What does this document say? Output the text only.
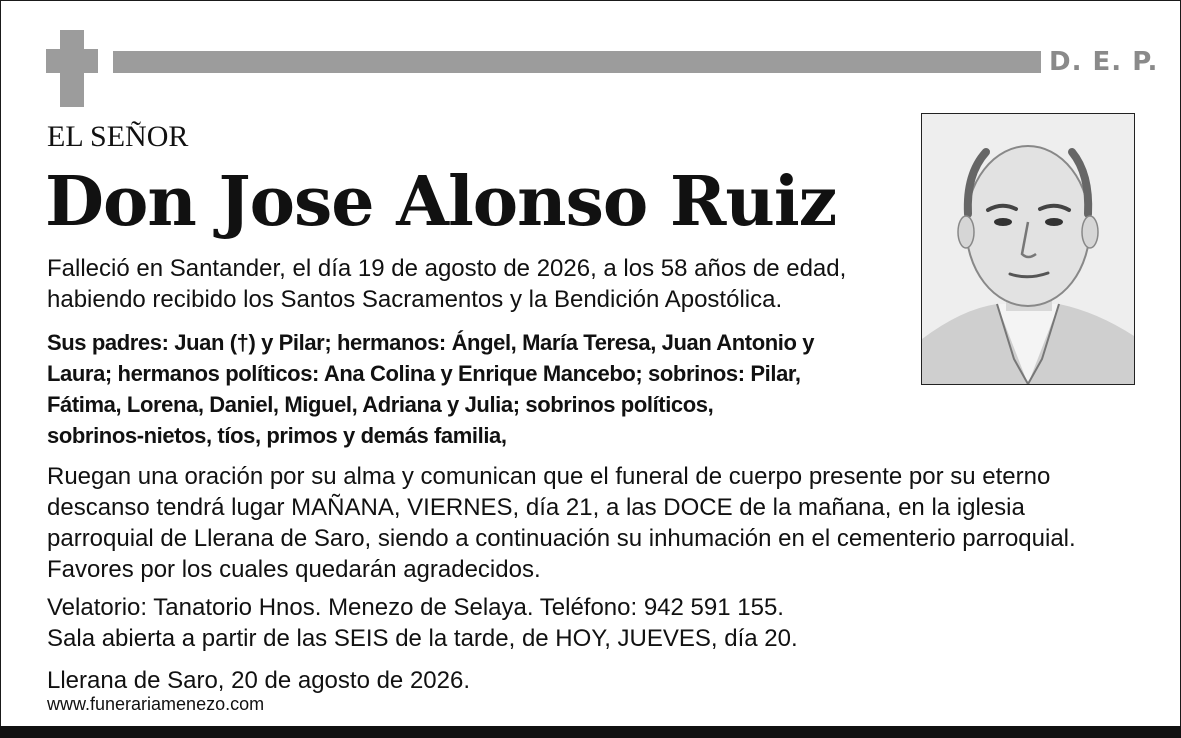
D. E. P.
EL SEÑOR
Don Jose Alonso Ruiz
Falleció en Santander, el día 19 de agosto de 2026, a los 58 años de edad,
habiendo recibido los Santos Sacramentos y la Bendición Apostólica.
Sus padres: Juan (†) y Pilar; hermanos: Ángel, María Teresa, Juan Antonio y
Laura; hermanos políticos: Ana Colina y Enrique Mancebo; sobrinos: Pilar,
Fátima, Lorena, Daniel, Miguel, Adriana y Julia; sobrinos políticos,
sobrinos-nietos, tíos, primos y demás familia,
Ruegan una oración por su alma y comunican que el funeral de cuerpo presente por su eterno
descanso tendrá lugar MAÑANA, VIERNES, día 21, a las DOCE de la mañana, en la iglesia
parroquial de Llerana de Saro, siendo a continuación su inhumación en el cementerio parroquial.
Favores por los cuales quedarán agradecidos.
Velatorio: Tanatorio Hnos. Menezo de Selaya. Teléfono: 942 591 155.
Sala abierta a partir de las SEIS de la tarde, de HOY, JUEVES, día 20.
Llerana de Saro, 20 de agosto de 2026.
www.funerariamenezo.com
